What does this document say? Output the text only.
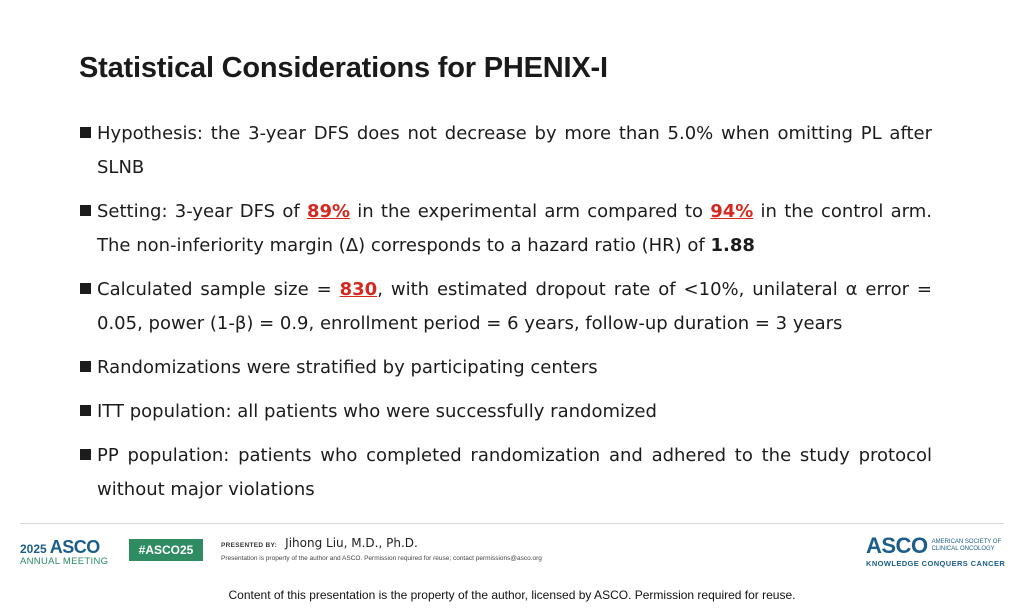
Statistical Considerations for PHENIX-I
Hypothesis: the 3-year DFS does not decrease by more than 5.0% when omitting PL after SLNB
Setting: 3-year DFS of 89% in the experimental arm compared to 94% in the control arm. The non-inferiority margin (Δ) corresponds to a hazard ratio (HR) of 1.88
Calculated sample size = 830, with estimated dropout rate of <10%, unilateral α error = 0.05, power (1-β) = 0.9, enrollment period = 6 years, follow-up duration = 3 years
Randomizations were stratified by participating centers
ITT population: all patients who were successfully randomized
PP population: patients who completed randomization and adhered to the study protocol without major violations
2025 ASCO
ANNUAL MEETING
#ASCO25	PRESENTED BY: Jihong Liu, M.D., Ph.D.
Presentation is property of the author and ASCO. Permission required for reuse; contact permissions@asco.org
ASCO AMERICAN SOCIETY OF CLINICAL ONCOLOGY
KNOWLEDGE CONQUERS CANCER
Content of this presentation is the property of the author, licensed by ASCO. Permission required for reuse.
